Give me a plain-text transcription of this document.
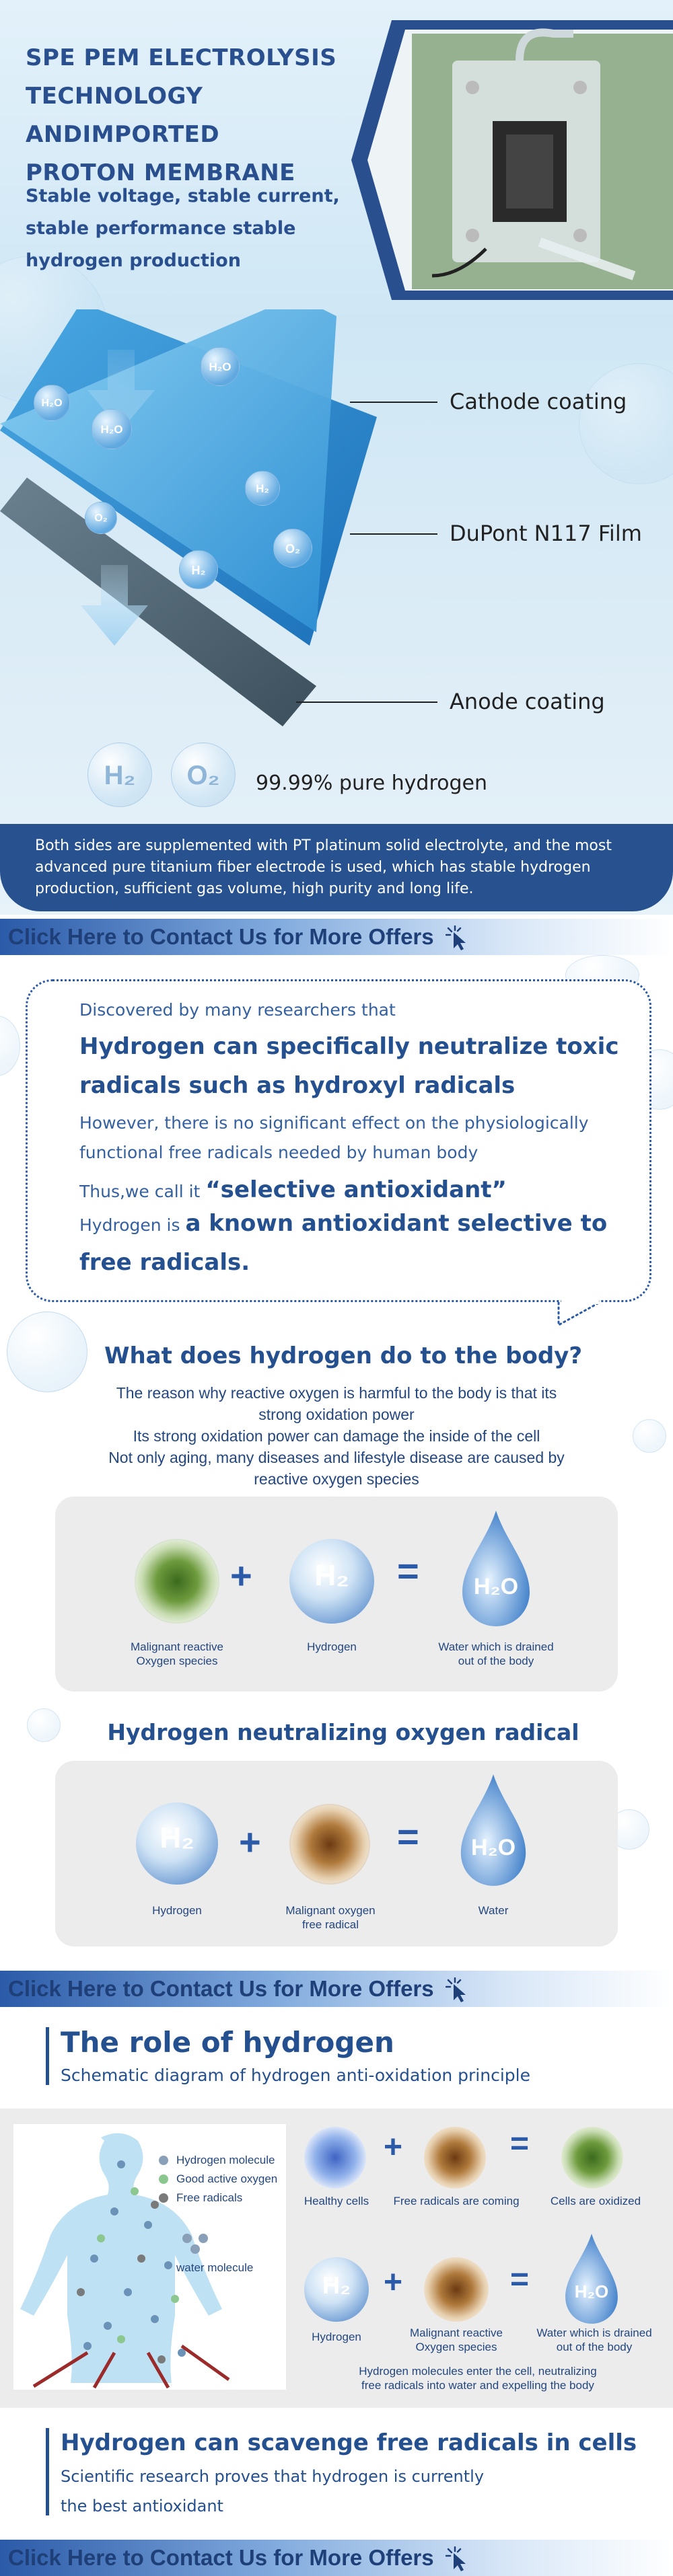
SPE PEM ELECTROLYSIS
TECHNOLOGY ANDIMPORTED
PROTON MEMBRANE
Stable voltage, stable current,
stable performance stable
hydrogen production
H₂O
H₂O
H₂O
H₂
O₂
O₂
H₂
Cathode coating
DuPont N117 Film
Anode coating
H₂	O₂	99.99% pure hydrogen
Both sides are supplemented with PT platinum solid electrolyte, and the most
advanced pure titanium fiber electrode is used, which has stable hydrogen
production, sufficient gas volume, high purity and long life.
Click Here to Contact Us for More Offers
Discovered by many researchers that
Hydrogen can specifically neutralize toxic
radicals such as hydroxyl radicals
However, there is no significant effect on the physiologically
functional free radicals needed by human body
Thus,we call it “selective antioxidant”
Hydrogen is a known antioxidant selective to
free radicals.
What does hydrogen do to the body?
The reason why reactive oxygen is harmful to the body is that its
strong oxidation power
Its strong oxidation power can damage the inside of the cell
Not only aging, many diseases and lifestyle disease are caused by
reactive oxygen species
+	H₂	=	H₂O
Malignant reactive
Oxygen species
Hydrogen	Water which is drained
out of the body
Hydrogen neutralizing oxygen radical
H₂	+	=	H₂O
Hydrogen	Malignant oxygen
free radical
Water
Click Here to Contact Us for More Offers
The role of hydrogen
Schematic diagram of hydrogen anti-oxidation principle
Hydrogen molecule
Good active oxygen
Free radicals
water molecule
+	=
Healthy cells	Free radicals are coming	Cells are oxidized
H₂	+	=	H₂O
Hydrogen	Malignant reactive
Oxygen species
Water which is drained
out of the body
Hydrogen molecules enter the cell, neutralizing
free radicals into water and expelling the body
Hydrogen can scavenge free radicals in cells
Scientific research proves that hydrogen is currently
the best antioxidant
Click Here to Contact Us for More Offers
